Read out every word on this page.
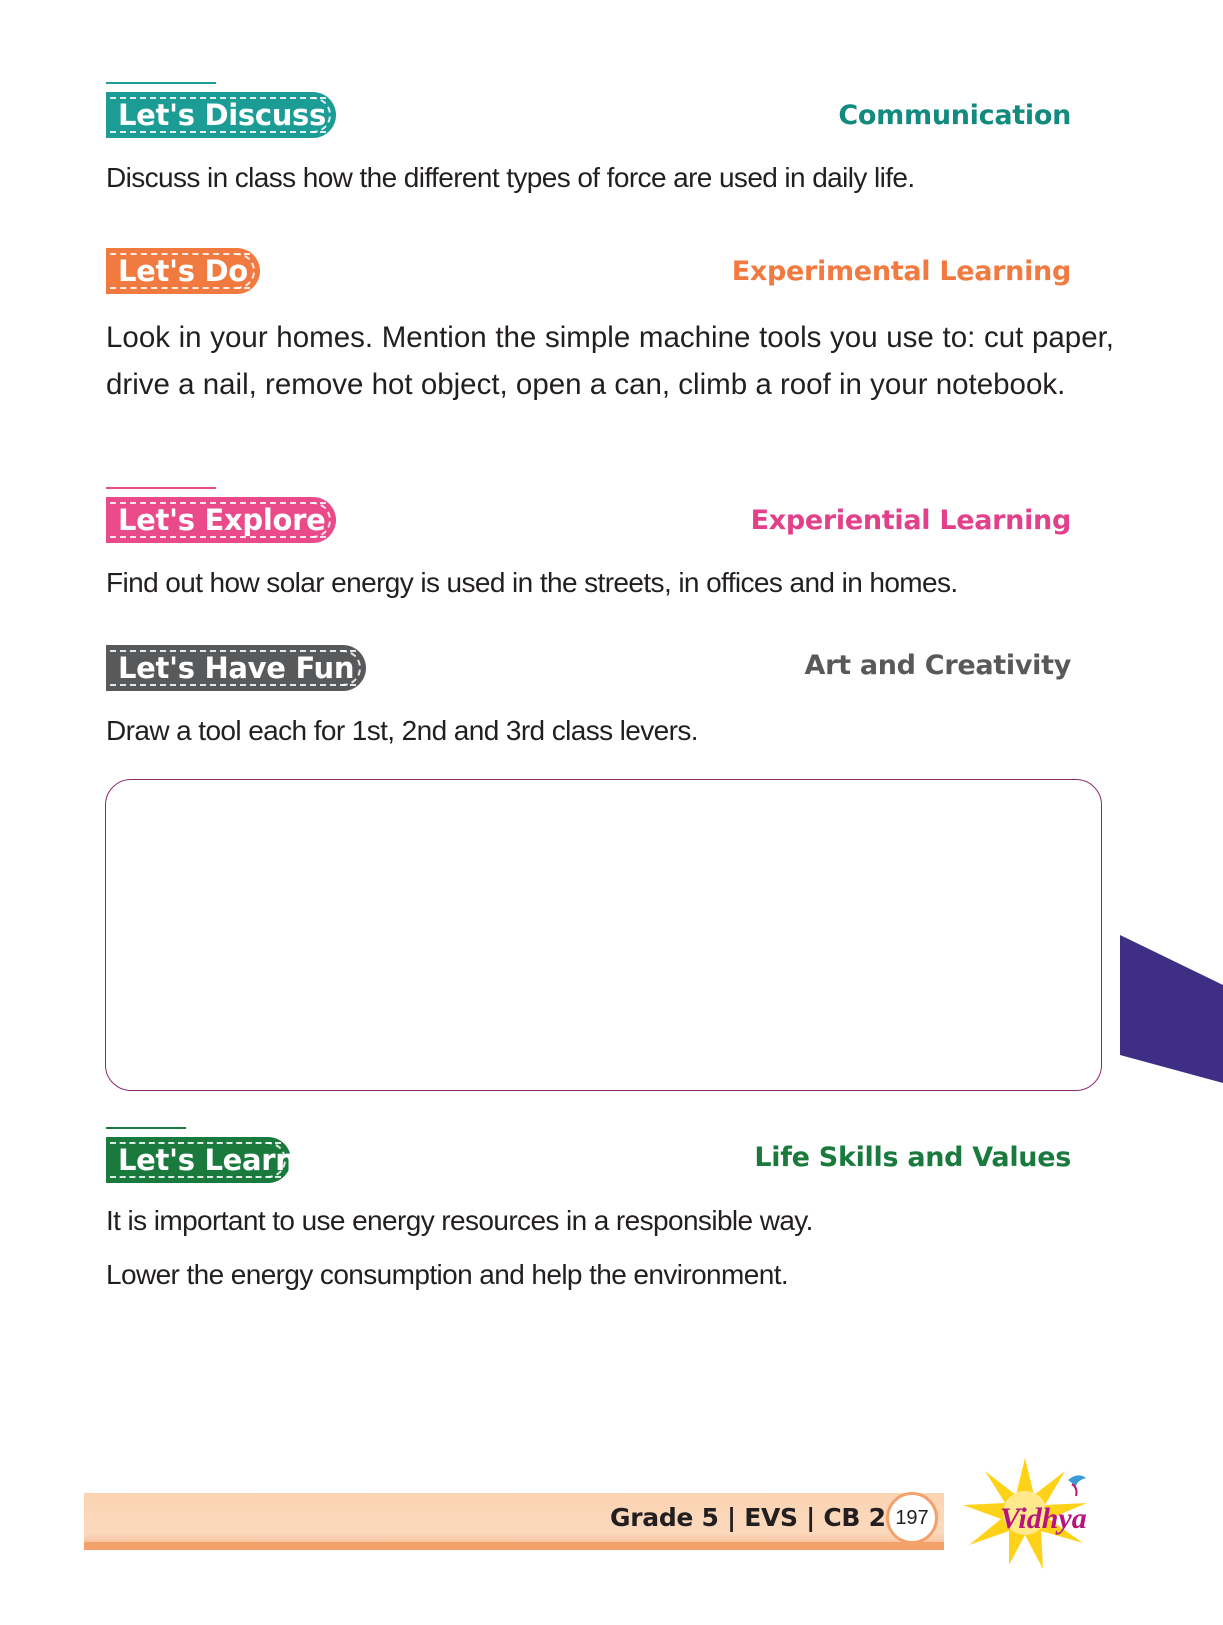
Let's Discuss	Communication
Discuss in class how the different types of force are used in daily life.
Let's Do	Experimental Learning
Look in your homes. Mention the simple machine tools you use to: cut paper, drive a nail, remove hot object, open a can, climb a roof in your notebook.
Let's Explore	Experiential Learning
Find out how solar energy is used in the streets, in offices and in homes.
Let's Have Fun	Art and Creativity
Draw a tool each for 1st, 2nd and 3rd class levers.
Let's Learn	Life Skills and Values
It is important to use energy resources in a responsible way.
Lower the energy consumption and help the environment.
Grade 5 | EVS | CB 2 197 Vidhya
